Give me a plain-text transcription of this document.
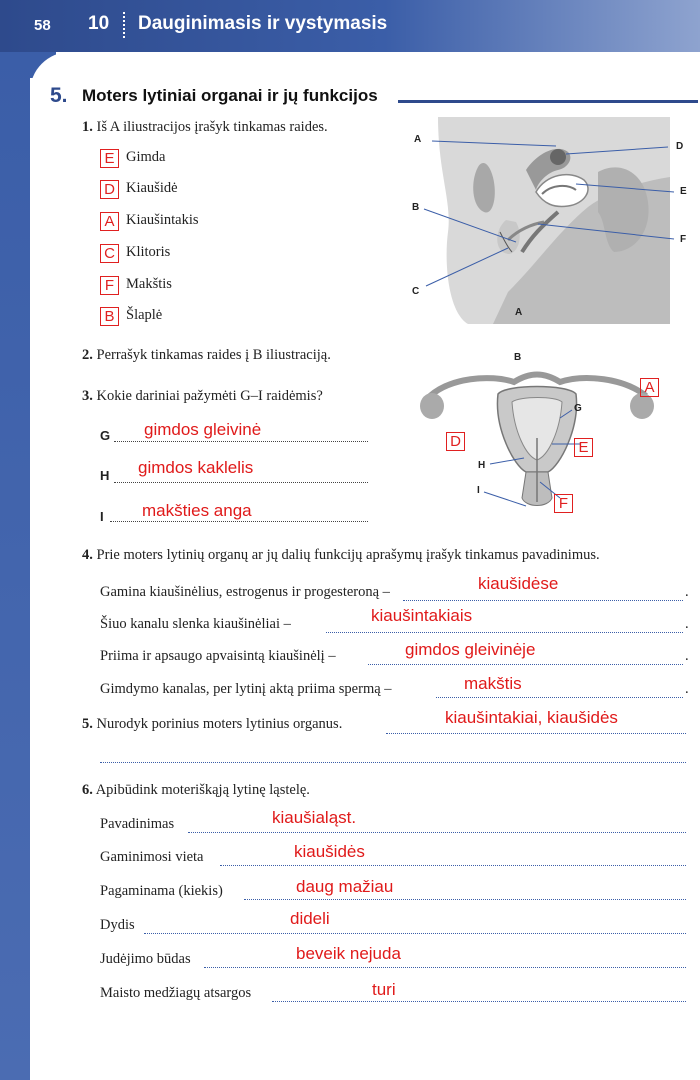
58 10 Dauginimasis ir vystymasis
5. Moters lytiniai organai ir jų funkcijos
1. Iš A iliustracijos įrašyk tinkamas raides.
E Gimda
D Kiaušidė
A Kiaušintakis
C Klitoris
F Makštis
B Šlaplė
A
D
E
B
F
C
A
2. Perrašyk tinkamas raides į B iliustraciją.	B
G
H
I
D
A
E
F
3. Kokie dariniai pažymėti G–I raidėmis?
G gimdos gleivinė
H gimdos kaklelis
I makšties anga
4. Prie moters lytinių organų ar jų dalių funkcijų aprašymų įrašyk tinkamus pavadinimus.
Gamina kiaušinėlius, estrogenus ir progesteroną –	.
kiaušidėse
Šiuo kanalu slenka kiaušinėliai –	.
kiaušintakiais
Priima ir apsaugo apvaisintą kiaušinėlį –	.
gimdos gleivinėje
Gimdymo kanalas, per lytinį aktą priima spermą –	.
makštis
5. Nurodyk porinius moters lytinius organus.	kiaušintakiai, kiaušidės
6. Apibūdink moteriškąją lytinę ląstelę.
Pavadinimas	kiaušialąst.
Gaminimosi vieta	kiaušidės
Pagaminama (kiekis)	daug mažiau
Dydis	dideli
Judėjimo būdas	beveik nejuda
Maisto medžiagų atsargos	turi
